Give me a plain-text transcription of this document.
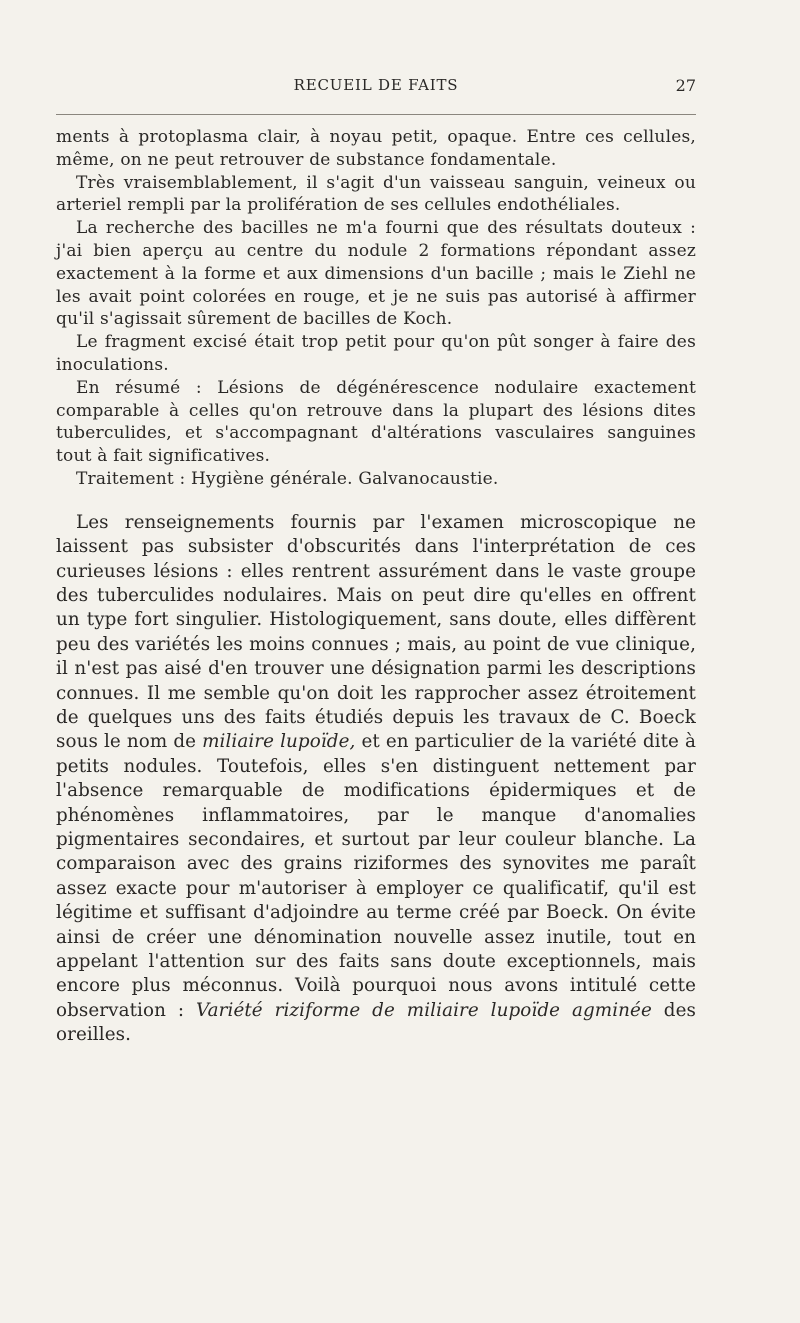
RECUEIL DE FAITS	27

ments à protoplasma clair, à noyau petit, opaque. Entre ces cellules, même, on ne peut retrouver de substance fondamentale.

Très vraisemblablement, il s'agit d'un vaisseau sanguin, veineux ou arteriel rempli par la prolifération de ses cellules endothéliales.

La recherche des bacilles ne m'a fourni que des résultats douteux : j'ai bien aperçu au centre du nodule 2 formations répondant assez exactement à la forme et aux dimensions d'un bacille ; mais le Ziehl ne les avait point colorées en rouge, et je ne suis pas autorisé à affirmer qu'il s'agissait sûrement de bacilles de Koch.

Le fragment excisé était trop petit pour qu'on pût songer à faire des inoculations.

En résumé : Lésions de dégénérescence nodulaire exactement comparable à celles qu'on retrouve dans la plupart des lésions dites tuberculides, et s'accompagnant d'altérations vasculaires sanguines tout à fait significatives.

Traitement : Hygiène générale. Galvanocaustie.

Les renseignements fournis par l'examen microscopique ne laissent pas subsister d'obscurités dans l'interprétation de ces curieuses lésions : elles rentrent assurément dans le vaste groupe des tuberculides nodulaires. Mais on peut dire qu'elles en offrent un type fort singulier. Histologiquement, sans doute, elles diffèrent peu des variétés les moins connues ; mais, au point de vue clinique, il n'est pas aisé d'en trouver une désignation parmi les descriptions connues. Il me semble qu'on doit les rapprocher assez étroitement de quelques uns des faits étudiés depuis les travaux de C. Boeck sous le nom de miliaire lupoïde, et en particulier de la variété dite à petits nodules. Toutefois, elles s'en distinguent nettement par l'absence remarquable de modifications épidermiques et de phénomènes inflammatoires, par le manque d'anomalies pigmentaires secondaires, et surtout par leur couleur blanche. La comparaison avec des grains riziformes des synovites me paraît assez exacte pour m'autoriser à employer ce qualificatif, qu'il est légitime et suffisant d'adjoindre au terme créé par Boeck. On évite ainsi de créer une dénomination nouvelle assez inutile, tout en appelant l'attention sur des faits sans doute exceptionnels, mais encore plus méconnus. Voilà pourquoi nous avons intitulé cette observation : Variété riziforme de miliaire lupoïde agminée des oreilles.
